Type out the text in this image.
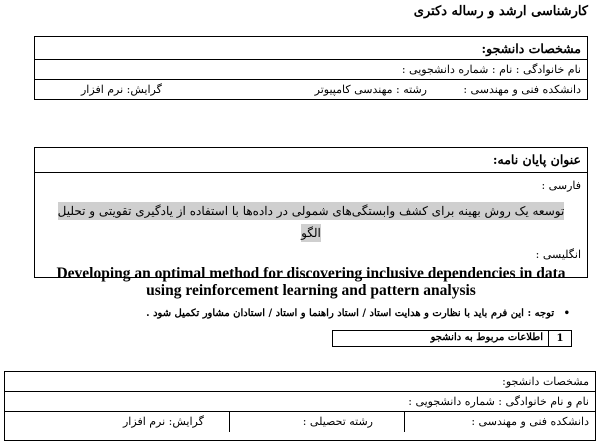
کارشناسی ارشد و رساله دکتری
مشخصات دانشجو:
نام خانوادگی : نام : شماره دانشجویی :
دانشکده فنی و مهندسی :
رشته : مهندسی کامپیوتر
گرایش: نرم افزار
عنوان پایان نامه:
فارسی :
توسعه یک روش بهینه برای کشف وابستگی‌های شمولی در داده‌ها با استفاده از یادگیری تقویتی و تحلیل الگو
انگلیسی :
Developing an optimal method for discovering inclusive dependencies in data using reinforcement learning and pattern analysis
• توجه : این فرم باید با نظارت و هدایت استاد / استاد راهنما و استاد / استادان مشاور تکمیل شود .
1
اطلاعات مربوط به دانشجو
مشخصات دانشجو:
نام و نام خانوادگی : شماره دانشجویی :
دانشکده فنی و مهندسی :
رشته تحصیلی :
گرایش: نرم افزار
